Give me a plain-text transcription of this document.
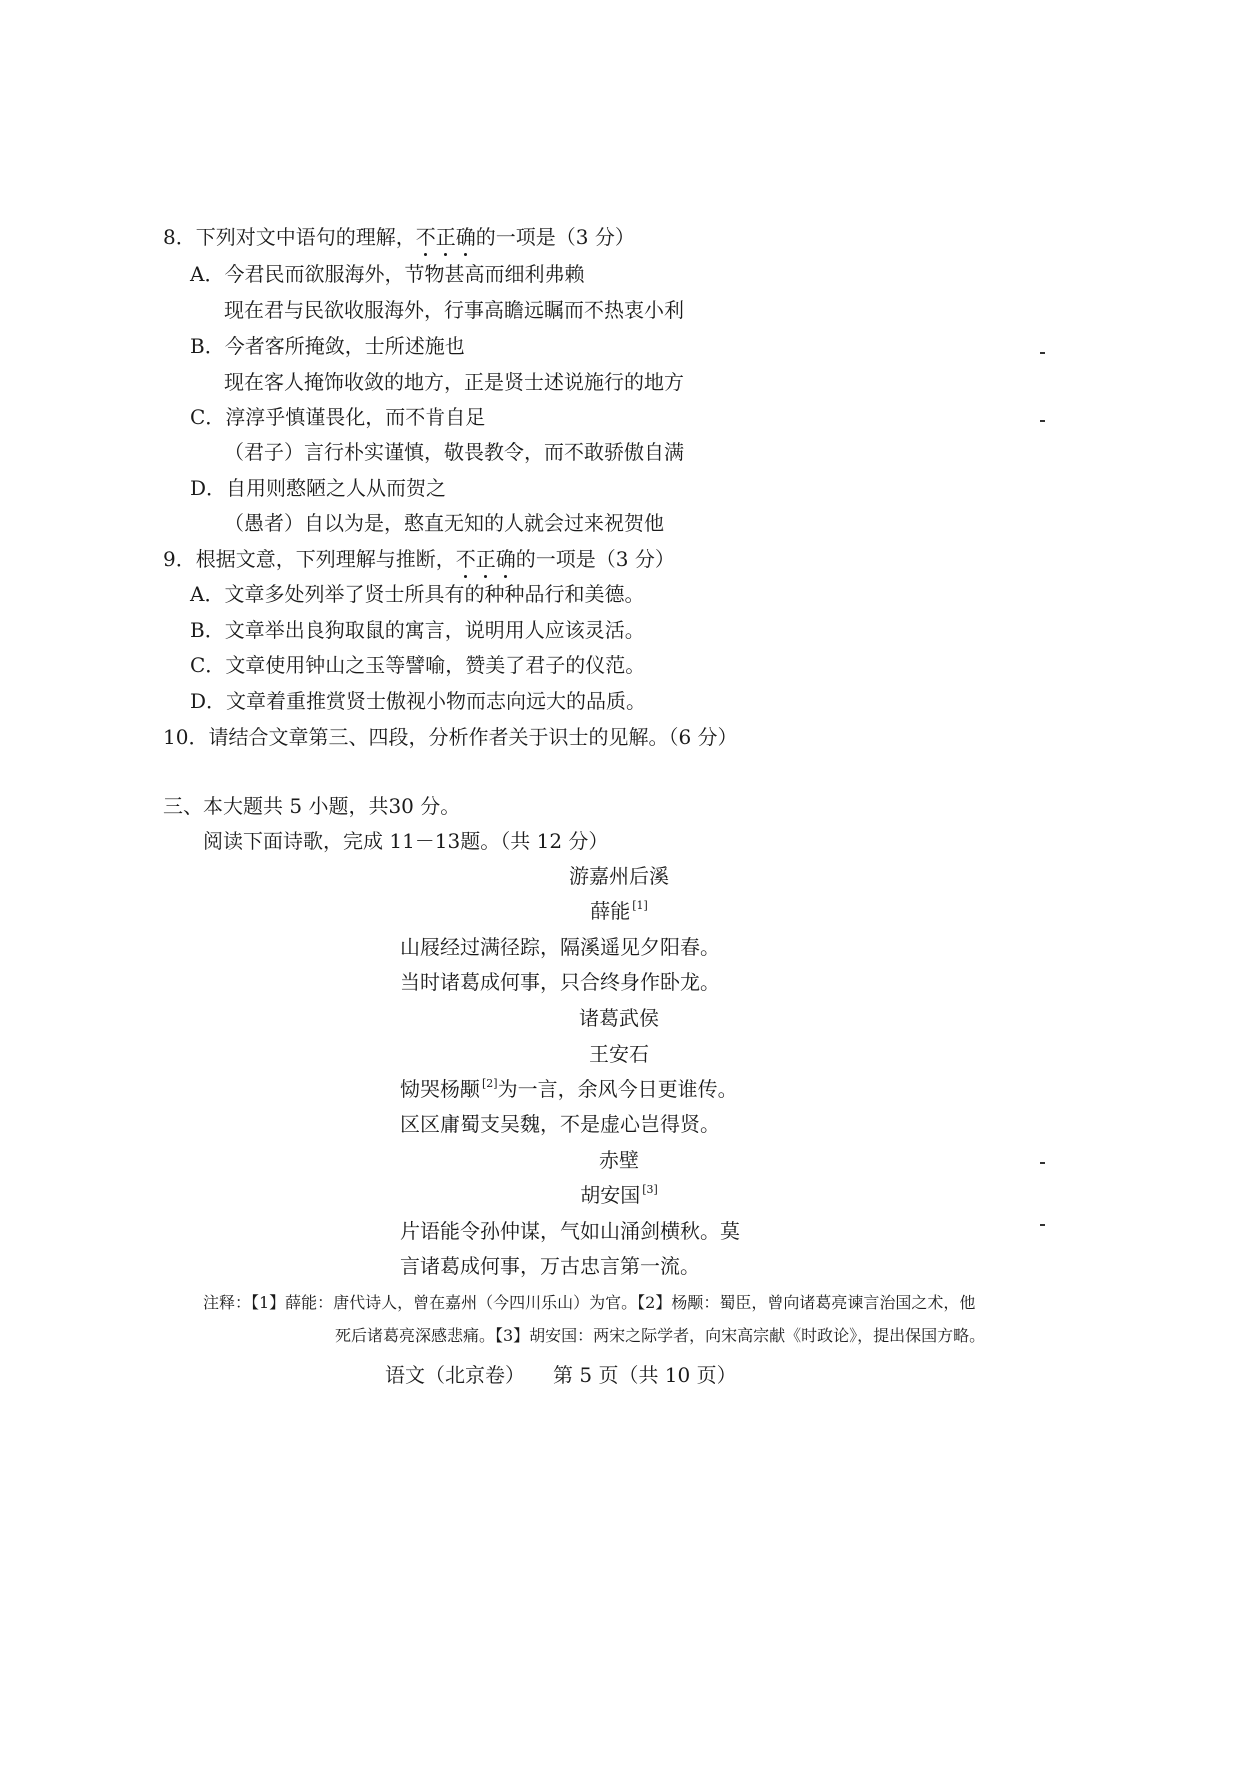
8．下列对文中语句的理解，不正确的一项是（3 分）
A．今君民而欲服海外，节物甚高而细利弗赖
现在君与民欲收服海外，行事高瞻远瞩而不热衷小利
B．今者客所掩敛，士所述施也
现在客人掩饰收敛的地方，正是贤士述说施行的地方
C．淳淳乎慎谨畏化，而不肯自足
（君子）言行朴实谨慎，敬畏教令，而不敢骄傲自满
D．自用则憨陋之人从而贺之
（愚者）自以为是，憨直无知的人就会过来祝贺他
9．根据文意，下列理解与推断，不正确的一项是（3 分）
A．文章多处列举了贤士所具有的种种品行和美德。
B．文章举出良狗取鼠的寓言，说明用人应该灵活。
C．文章使用钟山之玉等譬喻，赞美了君子的仪范。
D．文章着重推赏贤士傲视小物而志向远大的品质。
10．请结合文章第三、四段，分析作者关于识士的见解。（6 分）
三、本大题共 5 小题，共30 分。
阅读下面诗歌，完成 11－13题。（共 12 分）
游嘉州后溪
薛能 [1]
山屐经过满径踪，隔溪遥见夕阳春。
当时诸葛成何事，只合终身作卧龙。
诸葛武侯
王安石
恸哭杨颙 [2]为一言，余风今日更谁传。
区区庸蜀支吴魏，不是虚心岂得贤。
赤壁
胡安国 [3]
片语能令孙仲谋，气如山涌剑横秋。莫
言诸葛成何事，万古忠言第一流。
注释：【1】薛能：唐代诗人，曾在嘉州（今四川乐山）为官。【2】杨颙：蜀臣，曾向诸葛亮谏言治国之术，他
死后诸葛亮深感悲痛。【3】胡安国：两宋之际学者，向宋高宗献《时政论》，提出保国方略。
语文（北京卷） 第 5 页（共 10 页）
